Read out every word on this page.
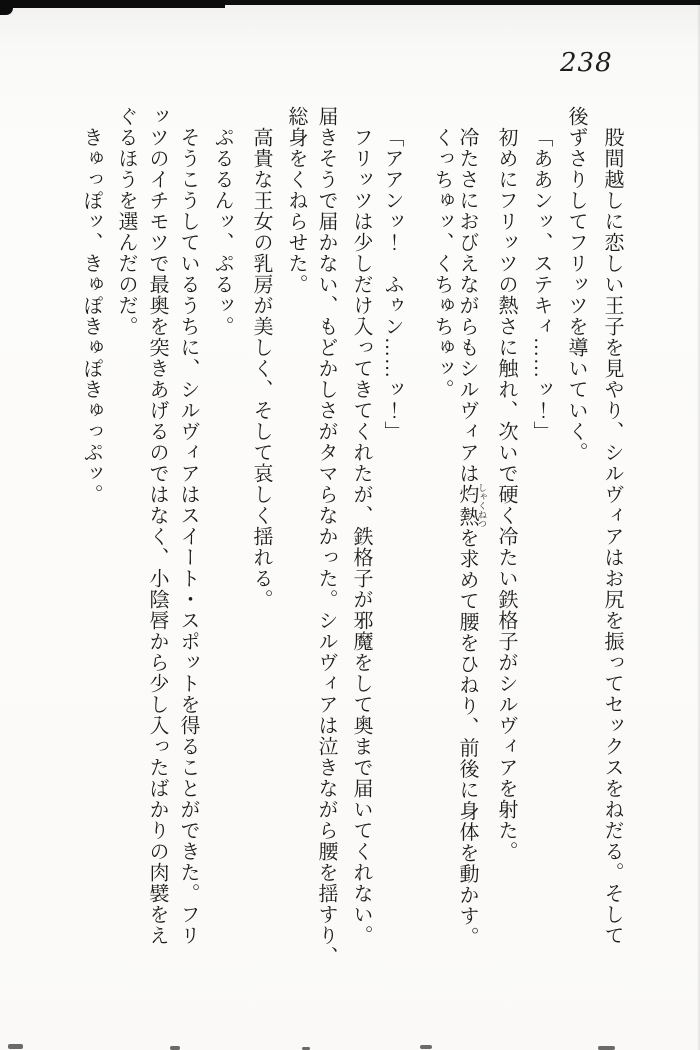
238
股間越しに恋しい王子を見やり、シルヴィアはお尻を振ってセックスをねだる。そして
後ずさりしてフリッツを導いていく。
「ああンッ、ステキィ……ッ！」
初めにフリッツの熱さに触れ、次いで硬く冷たい鉄格子がシルヴィアを射た。
冷たさにおびえながらもシルヴィアは灼熱 しゃくねつを求めて腰をひねり、前後に身体を動かす。
くっちゅッ、くちゅちゅッ。
「アアンッ！　ふゥン……ッ！」
フリッツは少しだけ入ってきてくれたが、鉄格子が邪魔をして奥まで届いてくれない。
届きそうで届かない、もどかしさがタマらなかった。シルヴィアは泣きながら腰を揺すり、
総身をくねらせた。
高貴な王女の乳房が美しく、そして哀しく揺れる。
ぷるるんッ、ぷるッ。
そうこうしているうちに、シルヴィアはスイート・スポットを得ることができた。フリ
ッツのイチモツで最奥を突きあげるのではなく、小陰唇から少し入ったばかりの肉襞をえ
ぐるほうを選んだのだ。
きゅっぽッ、きゅぽきゅぽきゅっぷッ。
